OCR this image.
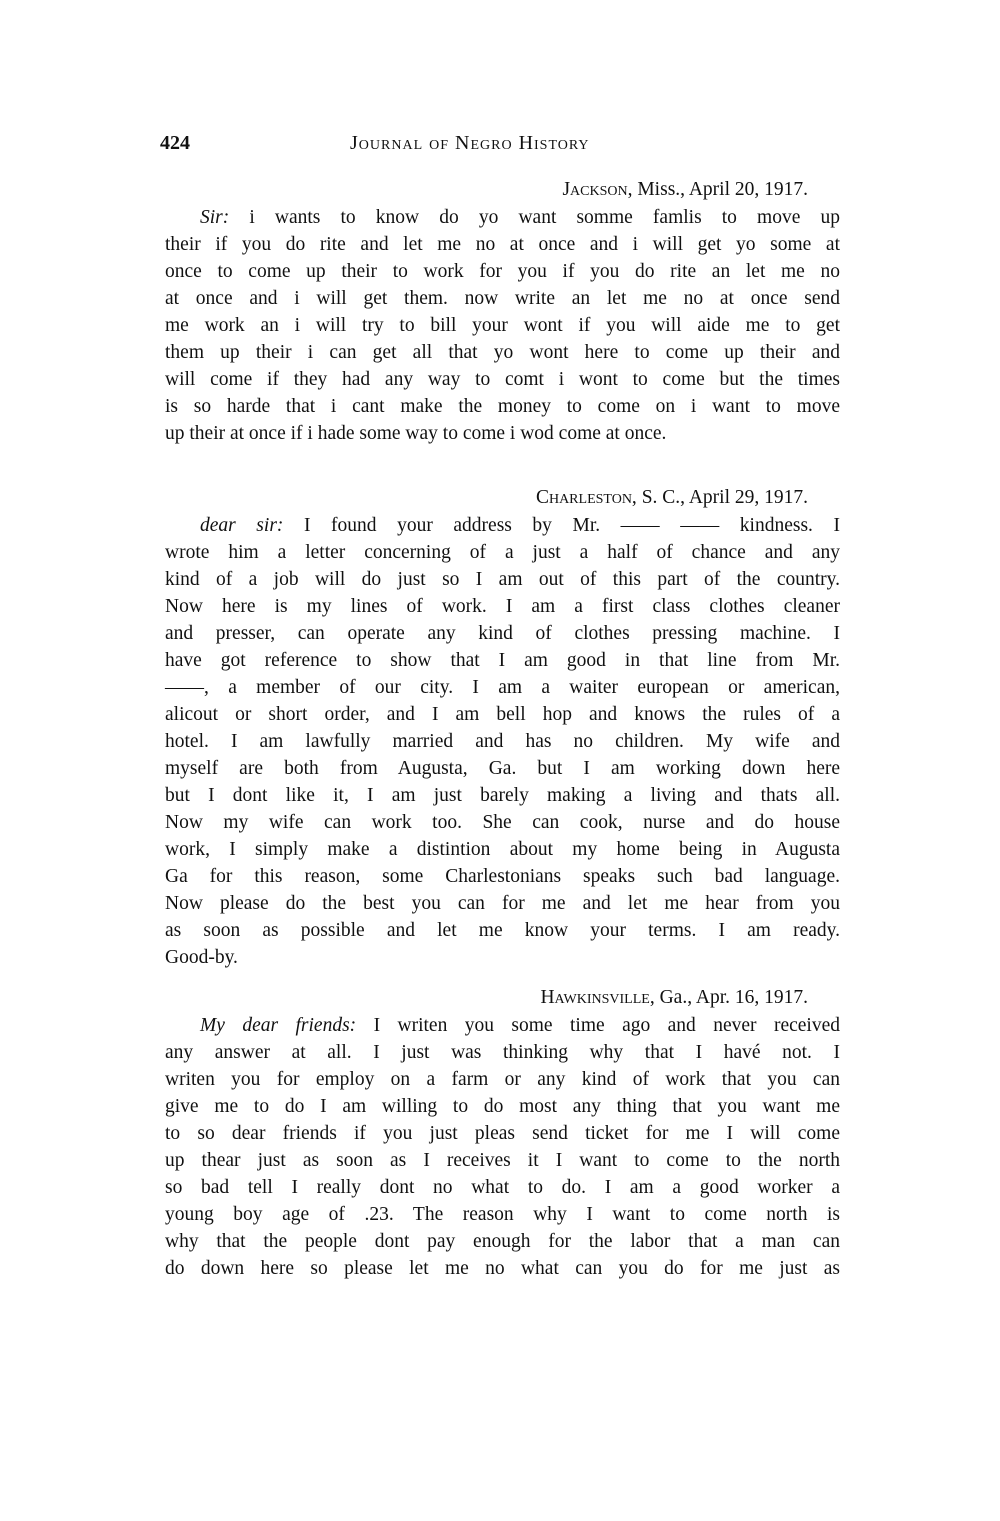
424	Journal of Negro History
Jackson, Miss., April 20, 1917.
Sir: i wants to know do yo want somme famlis to move up
their if you do rite and let me no at once and i will get yo some at
once to come up their to work for you if you do rite an let me no
at once and i will get them. now write an let me no at once send
me work an i will try to bill your wont if you will aide me to get
them up their i can get all that yo wont here to come up their and
will come if they had any way to comt i wont to come but the times
is so harde that i cant make the money to come on i want to move
up their at once if i hade some way to come i wod come at once.
Charleston, S. C., April 29, 1917.
dear sir: I found your address by Mr. —— —— kindness. I
wrote him a letter concerning of a just a half of chance and any
kind of a job will do just so I am out of this part of the country.
Now here is my lines of work. I am a first class clothes cleaner
and presser, can operate any kind of clothes pressing machine. I
have got reference to show that I am good in that line from Mr.
——, a member of our city. I am a waiter european or american,
alicout or short order, and I am bell hop and knows the rules of a
hotel. I am lawfully married and has no children. My wife and
myself are both from Augusta, Ga. but I am working down here
but I dont like it, I am just barely making a living and thats all.
Now my wife can work too. She can cook, nurse and do house
work, I simply make a distintion about my home being in Augusta
Ga for this reason, some Charlestonians speaks such bad language.
Now please do the best you can for me and let me hear from you
as soon as possible and let me know your terms. I am ready.
Good-by.
Hawkinsville, Ga., Apr. 16, 1917.
My dear friends: I writen you some time ago and never received
any answer at all. I just was thinking why that I havé not. I
writen you for employ on a farm or any kind of work that you can
give me to do I am willing to do most any thing that you want me
to so dear friends if you just pleas send ticket for me I will come
up thear just as soon as I receives it I want to come to the north
so bad tell I really dont no what to do. I am a good worker a
young boy age of .23. The reason why I want to come north is
why that the people dont pay enough for the labor that a man can
do down here so please let me no what can you do for me just as
